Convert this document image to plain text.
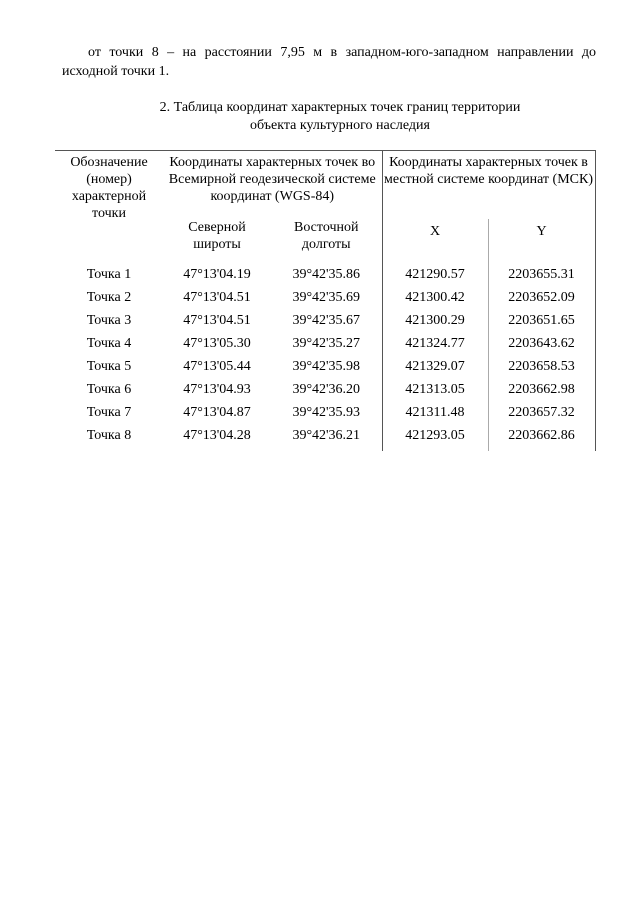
от точки 8 – на расстоянии 7,95 м в западном-юго-западном направлении до исходной точки 1.

2. Таблица координат характерных точек границ территории
объекта культурного наследия
Обозначение (номер) характерной точки	Координаты характерных точек во Всемирной геодезической системе координат (WGS-84)		Координаты характерных точек в местной системе координат (МСК)	
	Северной широты	Восточной долготы	X	Y
Точка 1	47°13'04.19	39°42'35.86	421290.57	2203655.31
Точка 2	47°13'04.51	39°42'35.69	421300.42	2203652.09
Точка 3	47°13'04.51	39°42'35.67	421300.29	2203651.65
Точка 4	47°13'05.30	39°42'35.27	421324.77	2203643.62
Точка 5	47°13'05.44	39°42'35.98	421329.07	2203658.53
Точка 6	47°13'04.93	39°42'36.20	421313.05	2203662.98
Точка 7	47°13'04.87	39°42'35.93	421311.48	2203657.32
Точка 8	47°13'04.28	39°42'36.21	421293.05	2203662.86
